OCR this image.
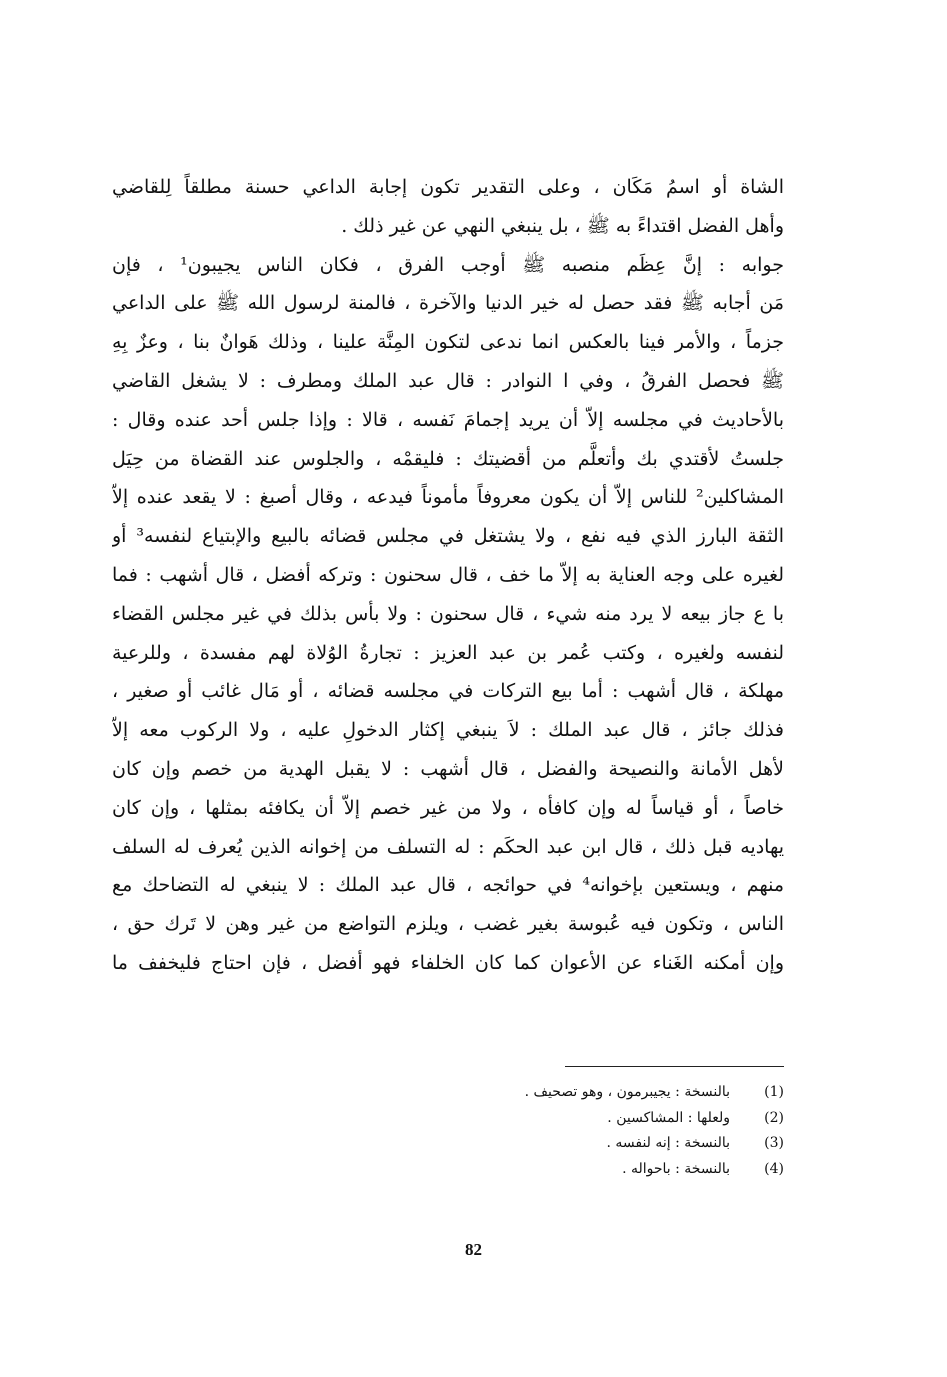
الشاة أو اسمُ مَكَان ، وعلى التقدير تكون إجابة الداعي حسنة مطلقاً لِلقاضي
وأهل الفضل اقتداءً به ﷺ ، بل ينبغي النهي عن غير ذلك .
جوابه : إنَّ عِظَم منصبه ﷺ أوجب الفرق ، فكان الناس يجيبون¹ ، فإن
مَن أجابه ﷺ فقد حصل له خير الدنيا والآخرة ، فالمنة لرسول الله ﷺ على الداعي
جزماً ، والأمر فينا بالعكس انما ندعى لتكون المِنَّة علينا ، وذلك هَوانٌ بنا ، وعزٌ بِهِ
ﷺ فحصل الفرقُ ، وفي ا النوادر : قال عبد الملك ومطرف : لا يشغل القاضي
بالأحاديث في مجلسه إلاّ أن يريد إجمامَ نَفسه ، قالا : وإذا جلس أحد عنده وقال :
جلستُ لأقتدي بك وأتعلَّم من أقضيتك : فليقمْه ، والجلوس عند القضاة من حِيَل
المشاكلين² للناس إلاّ أن يكون معروفاً مأموناً فيدعه ، وقال أصبغ : لا يقعد عنده إلاّ
الثقة البارز الذي فيه نفع ، ولا يشتغل في مجلس قضائه بالبيع والإبتياع لنفسه³ أو
لغيره على وجه العناية به إلاّ ما خف ، قال سحنون : وتركه أفضل ، قال أشهب : فما
با ع جاز بيعه لا يرد منه شيء ، قال سحنون : ولا بأس بذلك في غير مجلس القضاء
لنفسه ولغيره ، وكتب عُمر بن عبد العزيز : تجارةُ الوُلاة لهم مفسدة ، وللرعية
مهلكة ، قال أشهب : أما بيع التركات في مجلسه قضائه ، أو مَال غائب أو صغير ،
فذلك جائز ، قال عبد الملك : لاَ ينبغي إكثار الدخولِ عليه ، ولا الركوب معه إلاّ
لأهل الأمانة والنصيحة والفضل ، قال أشهب : لا يقبل الهدية من خصم وإن كان
خاصاً ، أو قياساً له وإن كافأه ، ولا من غير خصم إلاّ أن يكافئه بمثلها ، وإن كان
يهاديه قبل ذلك ، قال ابن عبد الحكَم : له التسلف من إخوانه الذين يُعرف له السلف
منهم ، ويستعين بإخوانه⁴ في حوائجه ، قال عبد الملك : لا ينبغي له التضاحك مع
الناس ، وتكون فيه عُبوسة بغير غضب ، ويلزم التواضع من غير وهن لا تَرك حق ،
وإن أمكنه الغَناء عن الأعوان كما كان الخلفاء فهو أفضل ، فإن احتاج فليخفف ما
(1)
بالنسخة : يجيبرمون ، وهو تصحيف .
(2)
ولعلها : المشاكسين .
(3)
بالنسخة : إنه لنفسه .
(4)
بالنسخة : باحواله .
82
